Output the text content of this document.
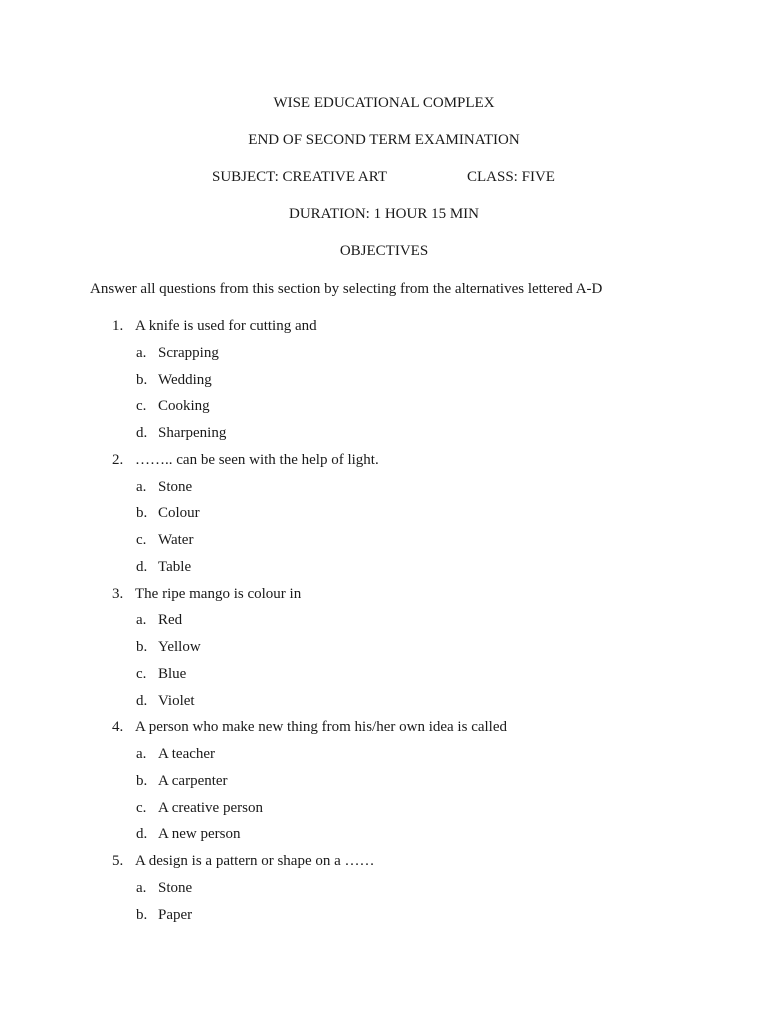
WISE EDUCATIONAL COMPLEX
END OF SECOND TERM EXAMINATION
SUBJECT: CREATIVE ART	CLASS: FIVE
DURATION: 1 HOUR 15 MIN
OBJECTIVES
Answer all questions from this section by selecting from the alternatives lettered A-D
1. A knife is used for cutting and
a. Scrapping
b. Wedding
c. Cooking
d. Sharpening
2. …….. can be seen with the help of light.
a. Stone
b. Colour
c. Water
d. Table
3. The ripe mango is colour in
a. Red
b. Yellow
c. Blue
d. Violet
4. A person who make new thing from his/her own idea is called
a. A teacher
b. A carpenter
c. A creative person
d. A new person
5. A design is a pattern or shape on a ……
a. Stone
b. Paper
